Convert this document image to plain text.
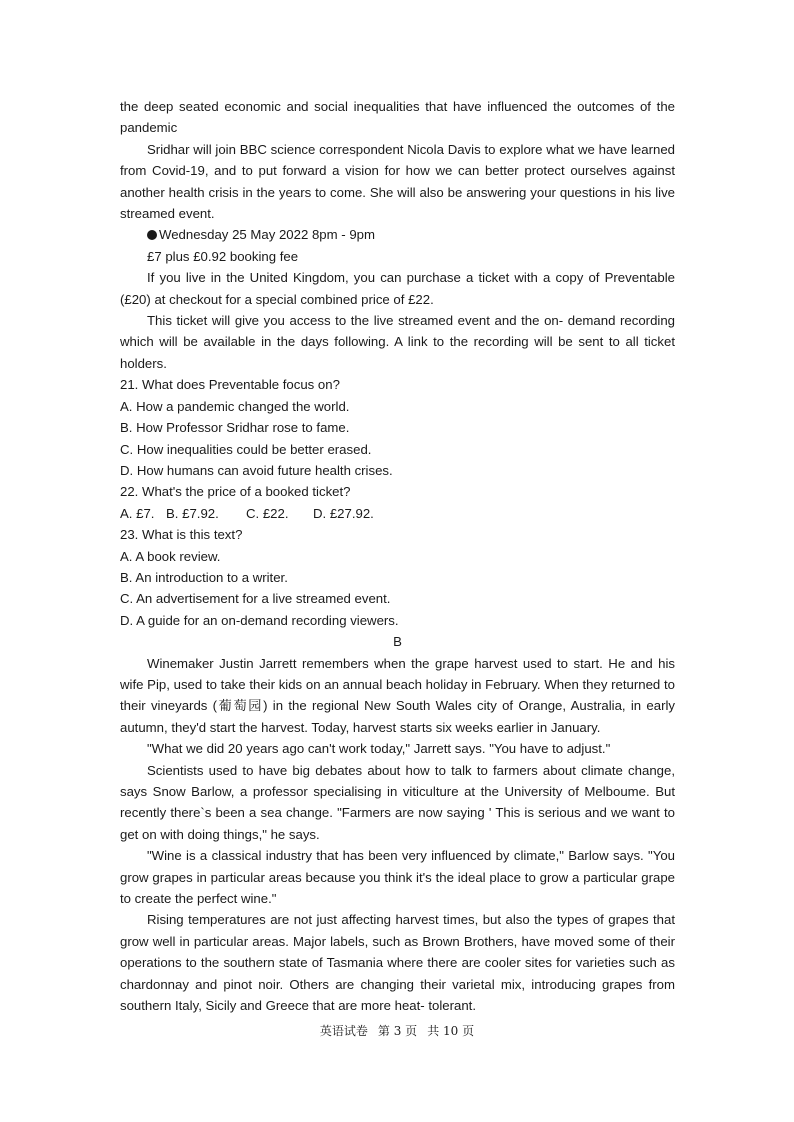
the deep seated economic and social inequalities that have influenced the outcomes of the pandemic

Sridhar will join BBC science correspondent Nicola Davis to explore what we have learned from Covid-19, and to put forward a vision for how we can better protect ourselves against another health crisis in the years to come. She will also be answering your questions in his live streamed event.

Wednesday 25 May 2022 8pm - 9pm

£7 plus £0.92 booking fee

If you live in the United Kingdom, you can purchase a ticket with a copy of Preventable (£20) at checkout for a special combined price of £22.

This ticket will give you access to the live streamed event and the on- demand recording which will be available in the days following. A link to the recording will be sent to all ticket holders.

21. What does Preventable focus on?

A. How a pandemic changed the world.

B. How Professor Sridhar rose to fame.

C. How inequalities could be better erased.

D. How humans can avoid future health crises.

22. What's the price of a booked ticket?

A. £7. B. £7.92. C. £22. D. £27.92.

23. What is this text?

A. A book review.

B. An introduction to a writer.

C. An advertisement for a live streamed event.

D. A guide for an on-demand recording viewers.

B

Winemaker Justin Jarrett remembers when the grape harvest used to start. He and his wife Pip, used to take their kids on an annual beach holiday in February. When they returned to their vineyards (葡萄园) in the regional New South Wales city of Orange, Australia, in early autumn, they'd start the harvest. Today, harvest starts six weeks earlier in January.

"What we did 20 years ago can't work today," Jarrett says. "You have to adjust."

Scientists used to have big debates about how to talk to farmers about climate change, says Snow Barlow, a professor specialising in viticulture at the University of Melboume. But recently there`s been a sea change. "Farmers are now saying ' This is serious and we want to get on with doing things," he says.

"Wine is a classical industry that has been very influenced by climate," Barlow says. "You grow grapes in particular areas because you think it's the ideal place to grow a particular grape to create the perfect wine."

Rising temperatures are not just affecting harvest times, but also the types of grapes that grow well in particular areas. Major labels, such as Brown Brothers, have moved some of their operations to the southern state of Tasmania where there are cooler sites for varieties such as chardonnay and pinot noir. Others are changing their varietal mix, introducing grapes from southern Italy, Sicily and Greece that are more heat- tolerant.

英语试卷 第 3 页 共 10 页
